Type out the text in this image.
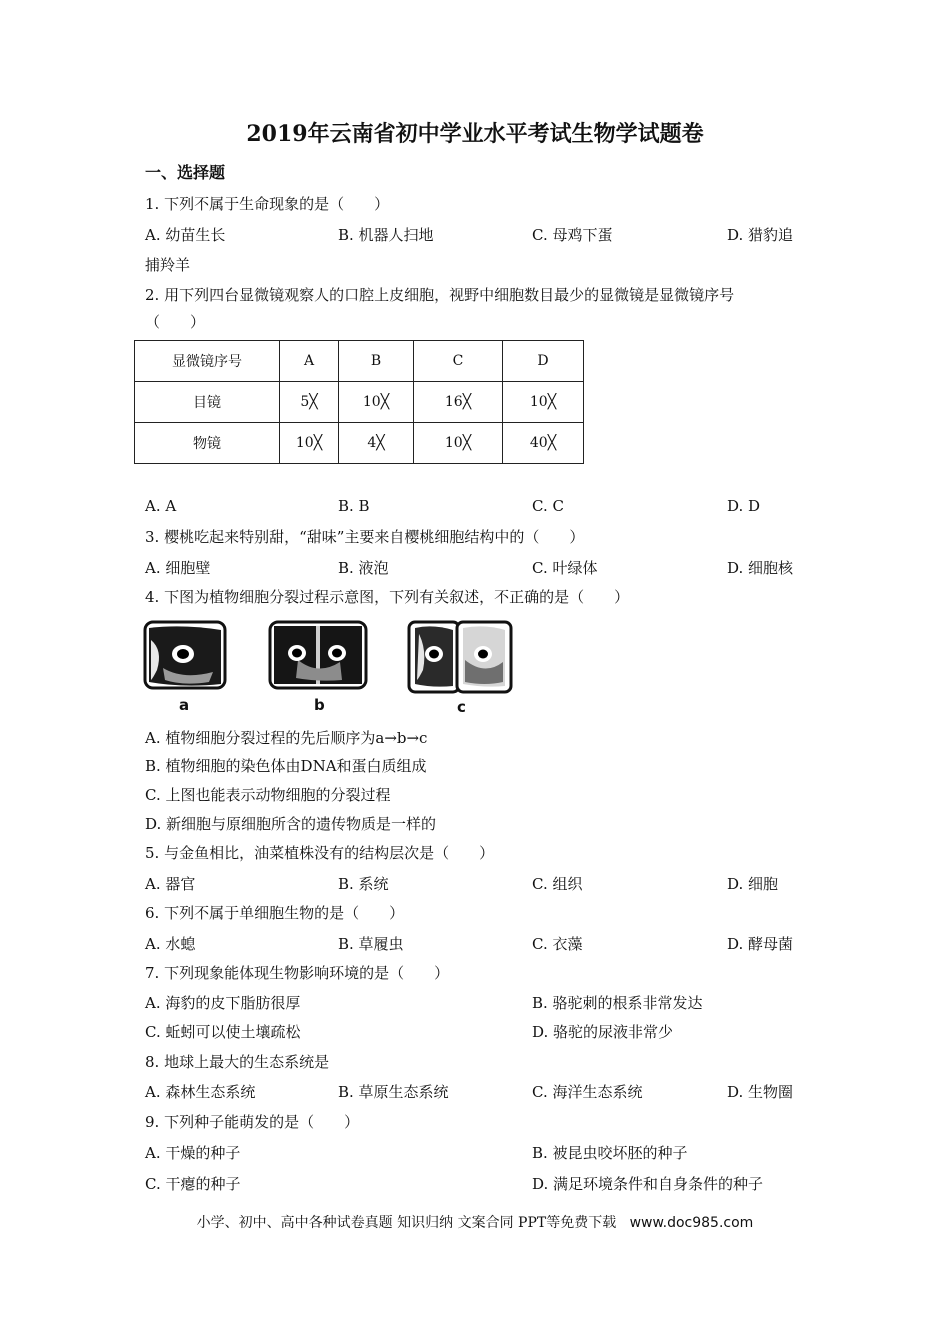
2019年云南省初中学业水平考试生物学试题卷
一、选择题
1. 下列不属于生命现象的是（　　）
A. 幼苗生长	B. 机器人扫地	C. 母鸡下蛋	D. 猎豹追
捕羚羊
2. 用下列四台显微镜观察人的口腔上皮细胞，视野中细胞数目最少的显微镜是显微镜序号
（　　）
显微镜序号	A	B	C	D
目镜	5╳	10╳	16╳	10╳
物镜	10╳	4╳	10╳	40╳
A. A	B. B	C. C	D. D
3. 樱桃吃起来特别甜，“甜味”主要来自樱桃细胞结构中的（　　）
A. 细胞壁	B. 液泡	C. 叶绿体	D. 细胞核
4. 下图为植物细胞分裂过程示意图，下列有关叙述，不正确的是（　　）
a	b	c
A. 植物细胞分裂过程的先后顺序为a→b→c
B. 植物细胞的染色体由DNA和蛋白质组成
C. 上图也能表示动物细胞的分裂过程
D. 新细胞与原细胞所含的遗传物质是一样的
5. 与金鱼相比，油菜植株没有的结构层次是（　　）
A. 器官	B. 系统	C. 组织	D. 细胞
6. 下列不属于单细胞生物的是（　　）
A. 水螅	B. 草履虫	C. 衣藻	D. 酵母菌
7. 下列现象能体现生物影响环境的是（　　）
A. 海豹的皮下脂肪很厚	B. 骆驼刺的根系非常发达
C. 蚯蚓可以使土壤疏松	D. 骆驼的尿液非常少
8. 地球上最大的生态系统是
A. 森林生态系统	B. 草原生态系统	C. 海洋生态系统	D. 生物圈
9. 下列种子能萌发的是（　　）
A. 干燥的种子	B. 被昆虫咬坏胚的种子
C. 干瘪的种子	D. 满足环境条件和自身条件的种子
小学、初中、高中各种试卷真题 知识归纳 文案合同 PPT等免费下载 www.doc985.com
